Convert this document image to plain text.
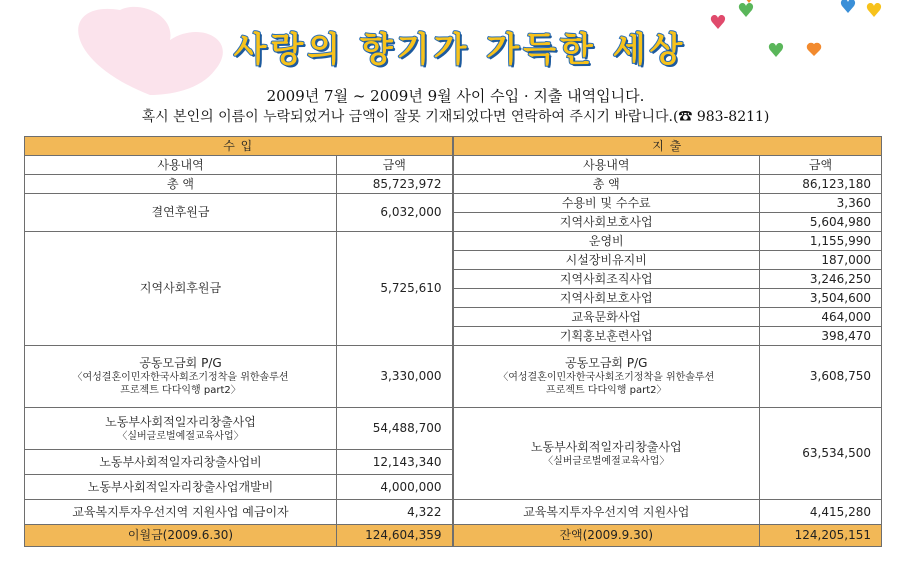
사랑의 향기가 가득한 세상
2009년 7월 ~ 2009년 9월 사이 수입 · 지출 내역입니다.
혹시 본인의 이름이 누락되었거나 금액이 잘못 기재되었다면 연락하여 주시기 바랍니다.(☎ 983-8211)
수 입		지 출	
사용내역	금액	사용내역	금액
총 액	85,723,972	총 액	86,123,180
결연후원금	6,032,000	수용비 및 수수료	3,360
		지역사회보호사업	5,604,980
지역사회후원금	5,725,610	운영비	1,155,990
		시설장비유지비	187,000
		지역사회조직사업	3,246,250
		지역사회보호사업	3,504,600
		교육문화사업	464,000
		기획홍보훈련사업	398,470
공동모금회 P/G
〈여성결혼이민자한국사회조기정착을 위한솔루션
프로젝트 다다익행 part2〉	3,330,000	공동모금회 P/G
〈여성결혼이민자한국사회조기정착을 위한솔루션
프로젝트 다다익행 part2〉	3,608,750
노동부사회적일자리창출사업
〈실버글로벌예절교육사업〉	54,488,700	노동부사회적일자리창출사업
〈실버글로벌예절교육사업〉	63,534,500
노동부사회적일자리창출사업비	12,143,340		
노동부사회적일자리창출사업개발비	4,000,000		
교육복지투자우선지역 지원사업 예금이자	4,322	교육복지투자우선지역 지원사업	4,415,280
이월금(2009.6.30)	124,604,359	잔액(2009.9.30)	124,205,151
